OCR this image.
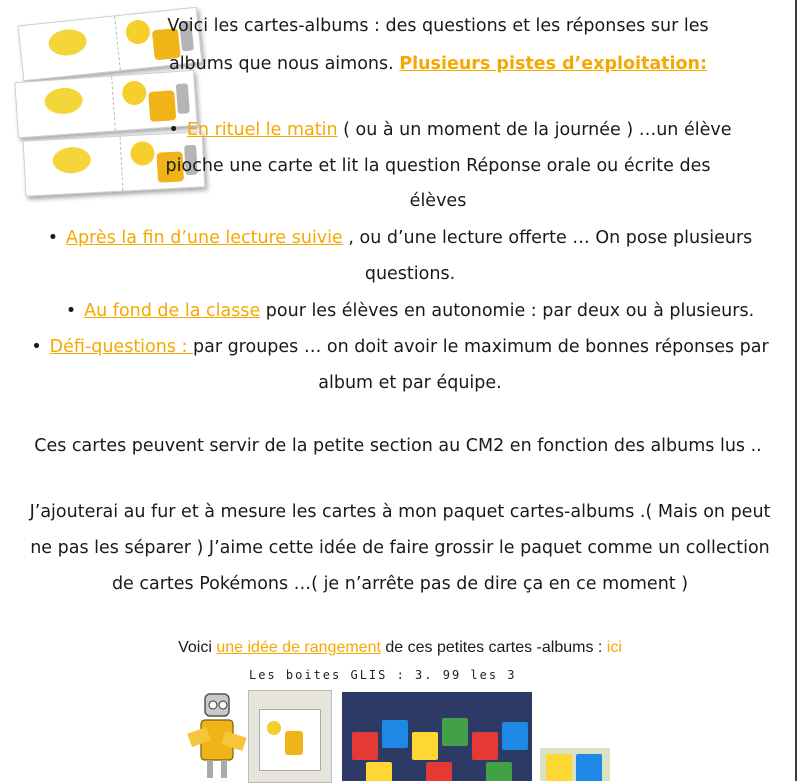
Voici les cartes-albums : des questions et les réponses sur les

albums que nous aimons. Plusieurs pistes d’exploitation:

• En rituel le matin ( ou à un moment de la journée ) …un élève

pioche une carte et lit la question Réponse orale ou écrite des

élèves

• Après la fin d’une lecture suivie , ou d’une lecture offerte … On pose plusieurs

questions.

• Au fond de la classe pour les élèves en autonomie : par deux ou à plusieurs.

• Défi-questions : par groupes … on doit avoir le maximum de bonnes réponses par

album et par équipe.

Ces cartes peuvent servir de la petite section au CM2 en fonction des albums lus ..

J’ajouterai au fur et à mesure les cartes à mon paquet cartes-albums .( Mais on peut

ne pas les séparer ) J’aime cette idée de faire grossir le paquet comme un collection

de cartes Pokémons …( je n’arrête pas de dire ça en ce moment )

Voici une idée de rangement de ces petites cartes -albums : ici

Les boites GLIS : 3. 99 les 3
